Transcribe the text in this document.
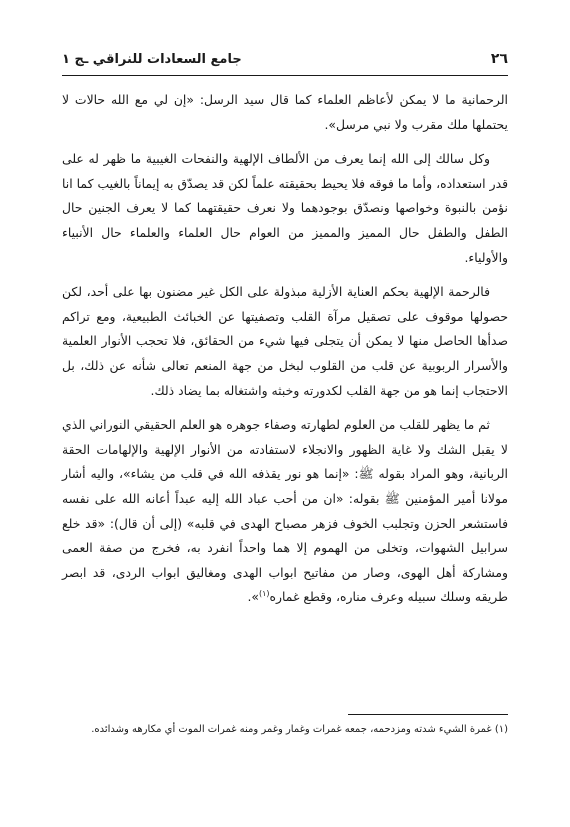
٢٦
جامع السعادات للنراقي ـج ١

الرحمانية ما لا يمكن لأعاظم العلماء كما قال سيد الرسل: «إن لي مع الله حالات لا يحتملها ملك مقرب ولا نبي مرسل».

وكل سالك إلى الله إنما يعرف من الألطاف الإلهية والنفحات الغيبية ما ظهر له على قدر استعداده، وأما ما فوقه فلا يحيط بحقيقته علماً لكن قد يصدّق به إيماناً بالغيب كما انا نؤمن بالنبوة وخواصها ونصدّق بوجودهما ولا نعرف حقيقتهما كما لا يعرف الجنين حال الطفل والطفل حال المميز والمميز من العوام حال العلماء والعلماء حال الأنبياء والأولياء.

فالرحمة الإلهية بحكم العناية الأزلية مبذولة على الكل غير مضنون بها على أحد، لكن حصولها موقوف على تصقيل مرآة القلب وتصفيتها عن الخبائث الطبيعية، ومع تراكم صدأها الحاصل منها لا يمكن أن يتجلى فيها شيء من الحقائق، فلا تحجب الأنوار العلمية والأسرار الربوبية عن قلب من القلوب لبخل من جهة المنعم تعالى شأنه عن ذلك، بل الاحتجاب إنما هو من جهة القلب لكدورته وخبثه واشتغاله بما يضاد ذلك.

ثم ما يظهر للقلب من العلوم لطهارته وصفاء جوهره هو العلم الحقيقي النوراني الذي لا يقبل الشك ولا غاية الظهور والانجلاء لاستفادته من الأنوار الإلهية والإلهامات الحقة الربانية، وهو المراد بقوله ﷺ: «إنما هو نور يقذفه الله في قلب من يشاء»، واليه أشار مولانا أمير المؤمنين ﷺ بقوله: «ان من أحب عباد الله إليه عبداً أعانه الله على نفسه فاستشعر الحزن وتجلبب الخوف فزهر مصباح الهدى في قلبه» (إلى أن قال): «قد خلع سرابيل الشهوات، وتخلى من الهموم إلا هما واحداً انفرد به، فخرج من صفة العمى ومشاركة أهل الهوى، وصار من مفاتيح ابواب الهدى ومغاليق ابواب الردى، قد ابصر طريقه وسلك سبيله وعرف مناره، وقطع غماره$^{(١)}$».

(١) غمرة الشيء شدته ومزدحمه، جمعه غمرات وغمار وغمر ومنه غمرات الموت أي مكارهه وشدائده.
